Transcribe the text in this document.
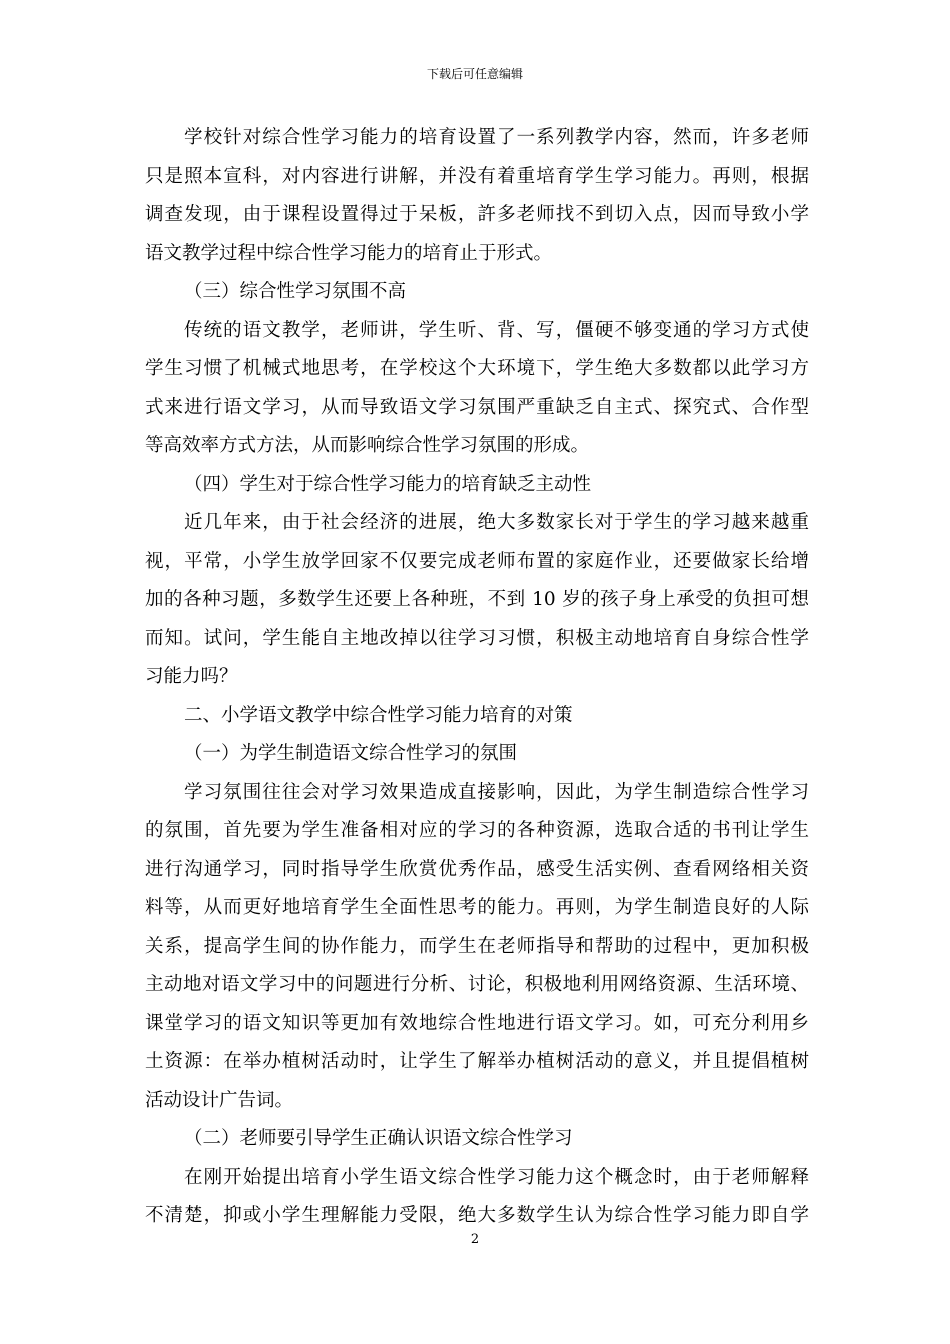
下载后可任意编辑
学校针对综合性学习能力的培育设置了一系列教学内容，然而，许多老师
只是照本宣科，对内容进行讲解，并没有着重培育学生学习能力。再则，根据
调查发现，由于课程设置得过于呆板，許多老师找不到切入点，因而导致小学
语文教学过程中综合性学习能力的培育止于形式。
（三）综合性学习氛围不高
传统的语文教学，老师讲，学生听、背、写，僵硬不够变通的学习方式使
学生习惯了机械式地思考，在学校这个大环境下，学生绝大多数都以此学习方
式来进行语文学习，从而导致语文学习氛围严重缺乏自主式、探究式、合作型
等高效率方式方法，从而影响综合性学习氛围的形成。
（四）学生对于综合性学习能力的培育缺乏主动性
近几年来，由于社会经济的进展，绝大多数家长对于学生的学习越来越重
视，平常，小学生放学回家不仅要完成老师布置的家庭作业，还要做家长给增
加的各种习题，多数学生还要上各种班，不到 10 岁的孩子身上承受的负担可想
而知。试问，学生能自主地改掉以往学习习惯，积极主动地培育自身综合性学
习能力吗？
二、小学语文教学中综合性学习能力培育的对策
（一）为学生制造语文综合性学习的氛围
学习氛围往往会对学习效果造成直接影响，因此，为学生制造综合性学习
的氛围，首先要为学生准备相对应的学习的各种资源，选取合适的书刊让学生
进行沟通学习，同时指导学生欣赏优秀作品，感受生活实例、查看网络相关资
料等，从而更好地培育学生全面性思考的能力。再则，为学生制造良好的人际
关系，提高学生间的协作能力，而学生在老师指导和帮助的过程中，更加积极
主动地对语文学习中的问题进行分析、讨论，积极地利用网络资源、生活环境、
课堂学习的语文知识等更加有效地综合性地进行语文学习。如，可充分利用乡
土资源：在举办植树活动时，让学生了解举办植树活动的意义，并且提倡植树
活动设计广告词。
（二）老师要引导学生正确认识语文综合性学习
在刚开始提出培育小学生语文综合性学习能力这个概念时，由于老师解释
不清楚，抑或小学生理解能力受限，绝大多数学生认为综合性学习能力即自学
2
